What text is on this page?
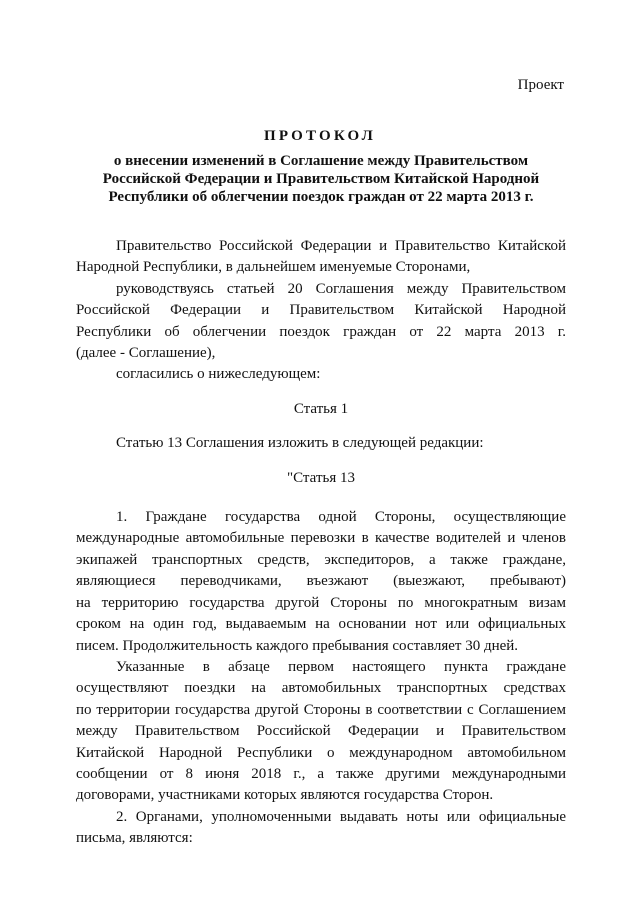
Проект
ПРОТОКОЛ
о внесении изменений в Соглашение между Правительством
Российской Федерации и Правительством Китайской Народной
Республики об облегчении поездок граждан от 22 марта 2013 г.
Правительство Российской Федерации и Правительство Китайской
Народной Республики, в дальнейшем именуемые Сторонами,
руководствуясь статьей 20 Соглашения между Правительством
Российской Федерации и Правительством Китайской Народной
Республики об облегчении поездок граждан от 22 марта 2013 г.
(далее - Соглашение),
согласились о нижеследующем:

Статья 1

Статью 13 Соглашения изложить в следующей редакции:

"Статья 13

1. Граждане государства одной Стороны, осуществляющие
международные автомобильные перевозки в качестве водителей и членов
экипажей транспортных средств, экспедиторов, а также граждане,
являющиеся переводчиками, въезжают (выезжают, пребывают)
на территорию государства другой Стороны по многократным визам
сроком на один год, выдаваемым на основании нот или официальных
писем. Продолжительность каждого пребывания составляет 30 дней.
Указанные в абзаце первом настоящего пункта граждане
осуществляют поездки на автомобильных транспортных средствах
по территории государства другой Стороны в соответствии с Соглашением
между Правительством Российской Федерации и Правительством
Китайской Народной Республики о международном автомобильном
сообщении от 8 июня 2018 г., а также другими международными
договорами, участниками которых являются государства Сторон.
2. Органами, уполномоченными выдавать ноты или официальные
письма, являются:
